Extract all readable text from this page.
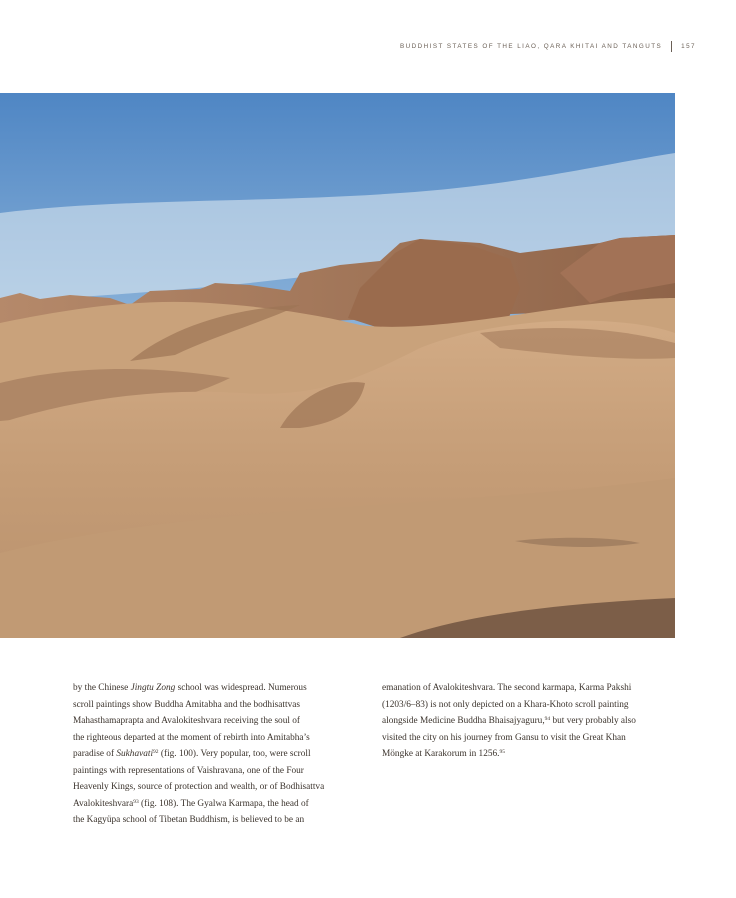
BUDDHIST STATES OF THE LIAO, QARA KHITAI AND TANGUTS	157
by the Chinese Jingtu Zong school was widespread. Numerous
scroll paintings show Buddha Amitabha and the bodhisattvas
Mahasthamaprapta and Avalokiteshvara receiving the soul of
the righteous departed at the moment of rebirth into Amitabha’s
paradise of Sukhavati$^{92}$ (fig. 100). Very popular, too, were scroll
paintings with representations of Vaishravana, one of the Four
Heavenly Kings, source of protection and wealth, or of Bodhisattva
Avalokiteshvara$^{93}$ (fig. 108). The Gyalwa Karmapa, the head of
the Kagyüpa school of Tibetan Buddhism, is believed to be an
emanation of Avalokiteshvara. The second karmapa, Karma Pakshi
(1203/6–83) is not only depicted on a Khara-Khoto scroll painting
alongside Medicine Buddha Bhaisajyaguru,$^{94}$ but very probably also
visited the city on his journey from Gansu to visit the Great Khan
Möngke at Karakorum in 1256.95
